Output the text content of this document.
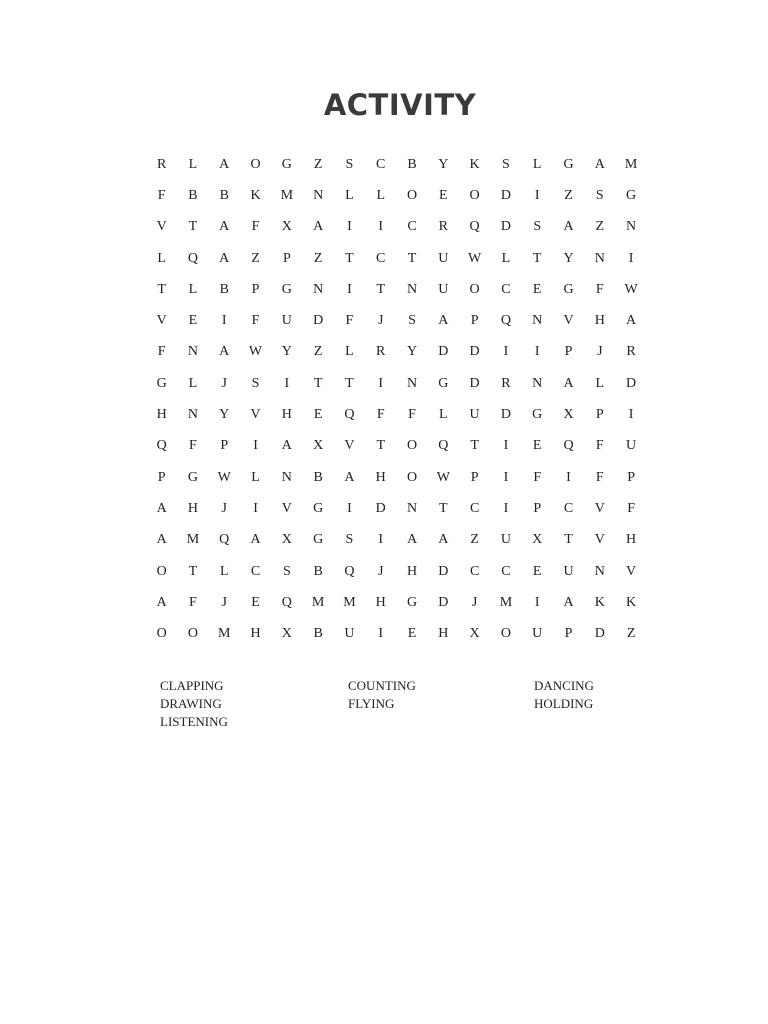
ACTIVITY
R	L	A	O	G	Z	S	C	B	Y	K	S	L	G	A	M
F	B	B	K	M	N	L	L	O	E	O	D	I	Z	S	G
V	T	A	F	X	A	I	I	C	R	Q	D	S	A	Z	N
L	Q	A	Z	P	Z	T	C	T	U	W	L	T	Y	N	I
T	L	B	P	G	N	I	T	N	U	O	C	E	G	F	W
V	E	I	F	U	D	F	J	S	A	P	Q	N	V	H	A
F	N	A	W	Y	Z	L	R	Y	D	D	I	I	P	J	R
G	L	J	S	I	T	T	I	N	G	D	R	N	A	L	D
H	N	Y	V	H	E	Q	F	F	L	U	D	G	X	P	I
Q	F	P	I	A	X	V	T	O	Q	T	I	E	Q	F	U
P	G	W	L	N	B	A	H	O	W	P	I	F	I	F	P
A	H	J	I	V	G	I	D	N	T	C	I	P	C	V	F
A	M	Q	A	X	G	S	I	A	A	Z	U	X	T	V	H
O	T	L	C	S	B	Q	J	H	D	C	C	E	U	N	V
A	F	J	E	Q	M	M	H	G	D	J	M	I	A	K	K
O	O	M	H	X	B	U	I	E	H	X	O	U	P	D	Z
CLAPPING	COUNTING	DANCING
DRAWING	FLYING	HOLDING
LISTENING
